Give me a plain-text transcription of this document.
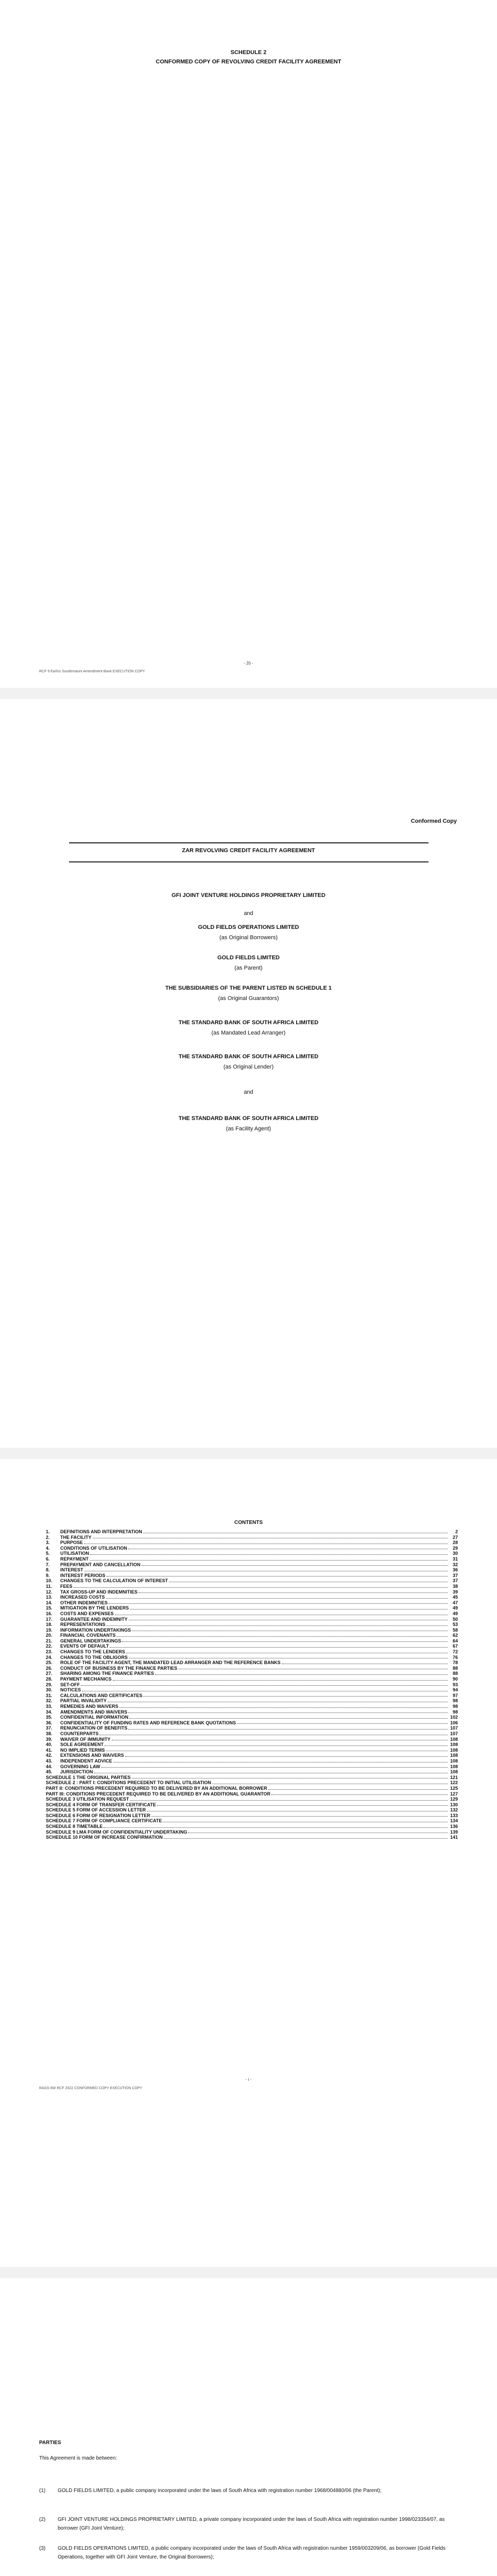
SCHEDULE 2
CONFORMED COPY OF REVOLVING CREDIT FACILITY AGREEMENT
- 20 -
RCF 9 Ea/Ins Sundemaunt Amendment Bank EXECUTION COPY
Conformed Copy
ZAR REVOLVING CREDIT FACILITY AGREEMENT
GFI JOINT VENTURE HOLDINGS PROPRIETARY LIMITED
and
GOLD FIELDS OPERATIONS LIMITED
(as Original Borrowers)
GOLD FIELDS LIMITED
(as Parent)
THE SUBSIDIARIES OF THE PARENT LISTED IN SCHEDULE 1
(as Original Guarantors)
THE STANDARD BANK OF SOUTH AFRICA LIMITED
(as Mandated Lead Arranger)
THE STANDARD BANK OF SOUTH AFRICA LIMITED
(as Original Lender)
and
THE STANDARD BANK OF SOUTH AFRICA LIMITED
(as Facility Agent)
CONTENTS
1.	DEFINITIONS AND INTERPRETATION	2
2.	THE FACILITY	27
3.	PURPOSE	28
4.	CONDITIONS OF UTILISATION	29
5.	UTILISATION	30
6.	REPAYMENT	31
7.	PREPAYMENT AND CANCELLATION	32
8.	INTEREST	36
9.	INTEREST PERIODS	37
10.	CHANGES TO THE CALCULATION OF INTEREST	37
11.	FEES	38
12.	TAX GROSS-UP AND INDEMNITIES	39
13.	INCREASED COSTS	45
14.	OTHER INDEMNITIES	47
15.	MITIGATION BY THE LENDERS	49
16.	COSTS AND EXPENSES	49
17.	GUARANTEE AND INDEMNITY	50
18.	REPRESENTATIONS	53
19.	INFORMATION UNDERTAKINGS	58
20.	FINANCIAL COVENANTS	62
21.	GENERAL UNDERTAKINGS	64
22.	EVENTS OF DEFAULT	67
23.	CHANGES TO THE LENDERS	72
24.	CHANGES TO THE OBLIGORS	76
25.	ROLE OF THE FACILITY AGENT, THE MANDATED LEAD ARRANGER AND THE REFERENCE BANKS	78
26.	CONDUCT OF BUSINESS BY THE FINANCE PARTIES	88
27.	SHARING AMONG THE FINANCE PARTIES	88
28.	PAYMENT MECHANICS	90
29.	SET-OFF	93
30.	NOTICES	94
31.	CALCULATIONS AND CERTIFICATES	97
32.	PARTIAL INVALIDITY	98
33.	REMEDIES AND WAIVERS	98
34.	AMENDMENTS AND WAIVERS	98
35.	CONFIDENTIAL INFORMATION	102
36.	CONFIDENTIALITY OF FUNDING RATES AND REFERENCE BANK QUOTATIONS	106
37.	RENUNCIATION OF BENEFITS	107
38.	COUNTERPARTS	107
39.	WAIVER OF IMMUNITY	108
40.	SOLE AGREEMENT	108
41.	NO IMPLIED TERMS	108
42.	EXTENSIONS AND WAIVERS	108
43.	INDEPENDENT ADVICE	108
44.	GOVERNING LAW	108
45.	JURISDICTION	108
SCHEDULE 1 THE ORIGINAL PARTIES	121
SCHEDULE 2 : PART I: CONDITIONS PRECEDENT TO INITIAL UTILISATION	122
PART II: CONDITIONS PRECEDENT REQUIRED TO BE DELIVERED BY AN ADDITIONAL BORROWER	125
PART III: CONDITIONS PRECEDENT REQUIRED TO BE DELIVERED BY AN ADDITIONAL GUARANTOR	127
SCHEDULE 3 UTILISATION REQUEST	129
SCHEDULE 4 FORM OF TRANSFER CERTIFICATE	130
SCHEDULE 5 FORM OF ACCESSION LETTER	132
SCHEDULE 6 FORM OF RESIGNATION LETTER	133
SCHEDULE 7 FORM OF COMPLIANCE CERTIFICATE	134
SCHEDULE 8 TIMETABLE	136
SCHEDULE 9 LMA FORM OF CONFIDENTIALITY UNDERTAKING	139
SCHEDULE 10 FORM OF INCREASE CONFIRMATION	141
- i -
RAGS 6W RCF 2022 CONFORMED COPY EXECUTION COPY
PARTIES
This Agreement is made between:
(1)	GOLD FIELDS LIMITED, a public company incorporated under the laws of South Africa with registration number 1968/004880/06 (the Parent);
(2)	GFI JOINT VENTURE HOLDINGS PROPRIETARY LIMITED, a private company incorporated under the laws of South Africa with registration number 1998/023354/07, as borrower (GFI Joint Venture);
(3)	GOLD FIELDS OPERATIONS LIMITED, a public company incorporated under the laws of South Africa with registration number 1959/003209/06, as borrower (Gold Fields Operations, together with GFI Joint Venture, the Original Borrowers);
